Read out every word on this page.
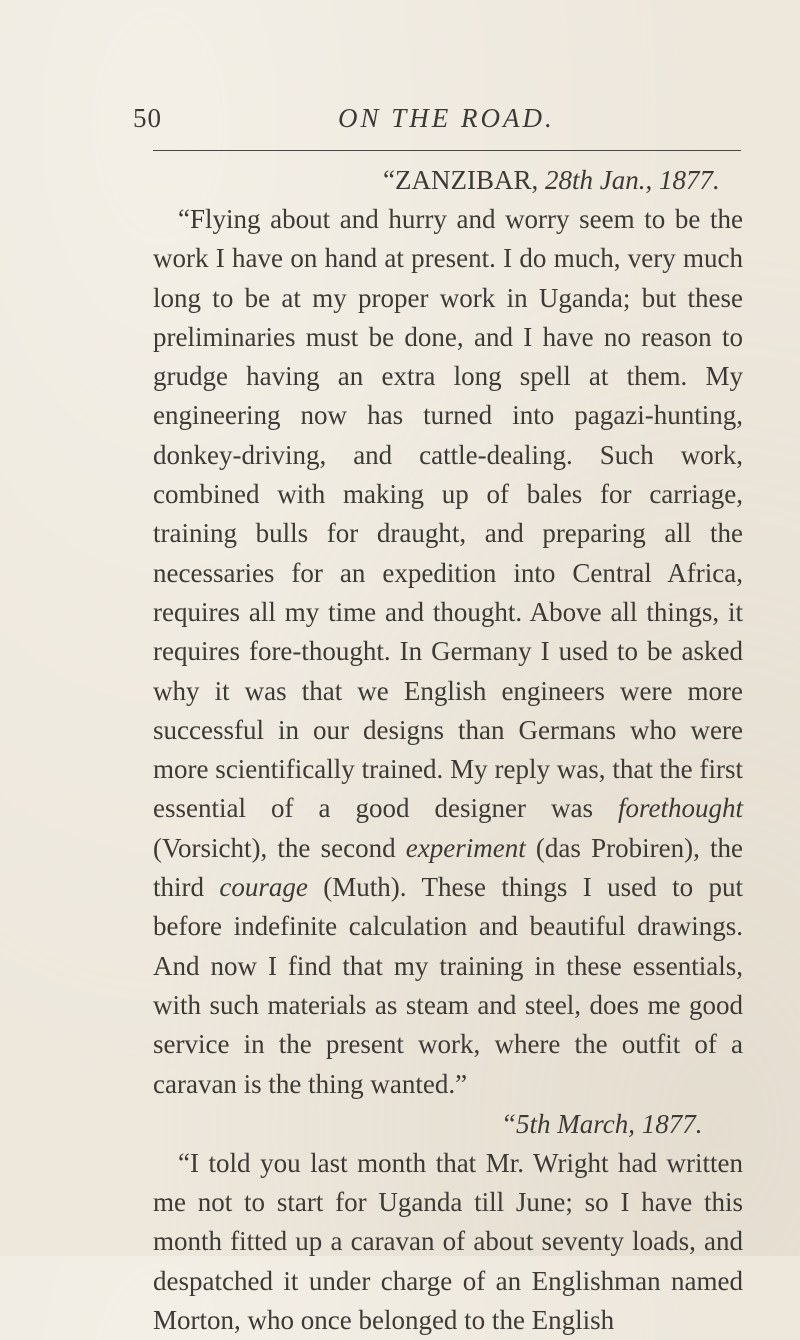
50	ON THE ROAD.
“ZANZIBAR, 28th Jan., 1877.

“Flying about and hurry and worry seem to be the work I have on hand at present. I do much, very much long to be at my proper work in Uganda; but these preliminaries must be done, and I have no reason to grudge having an extra long spell at them. My engineering now has turned into pagazi-hunting, donkey-driving, and cattle-dealing. Such work, combined with making up of bales for carriage, training bulls for draught, and preparing all the necessaries for an expedition into Central Africa, requires all my time and thought. Above all things, it requires fore-thought. In Germany I used to be asked why it was that we English engineers were more successful in our designs than Germans who were more scientifically trained. My reply was, that the first essential of a good designer was forethought (Vorsicht), the second experiment (das Probiren), the third courage (Muth). These things I used to put before indefinite calculation and beautiful drawings. And now I find that my training in these essentials, with such materials as steam and steel, does me good service in the present work, where the outfit of a caravan is the thing wanted.”

“5th March, 1877.

“I told you last month that Mr. Wright had written me not to start for Uganda till June; so I have this month fitted up a caravan of about seventy loads, and despatched it under charge of an Englishman named Morton, who once belonged to the English
